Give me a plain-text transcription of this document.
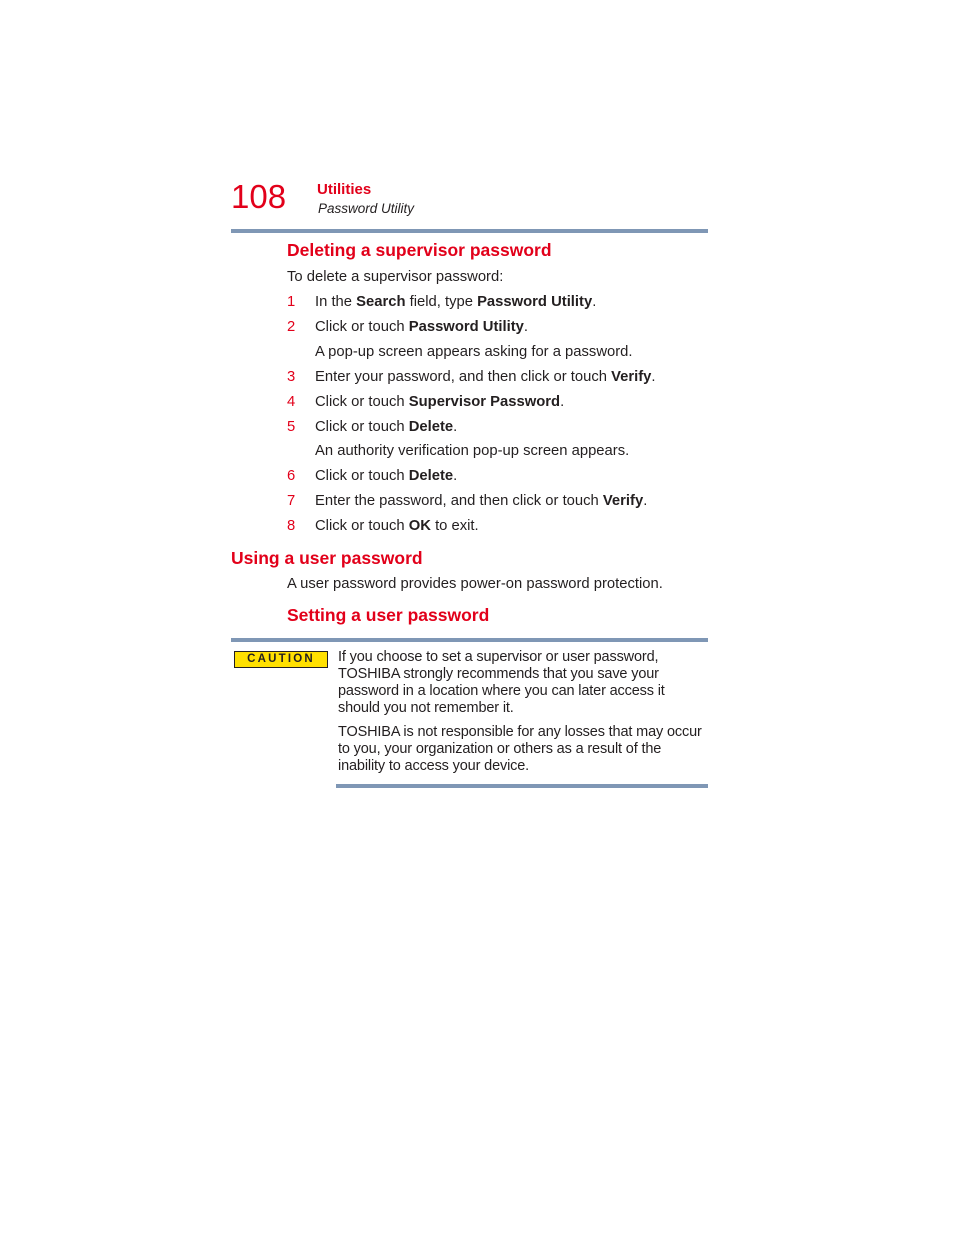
108 Utilities
Password Utility
Deleting a supervisor password
To delete a supervisor password:
1 In the Search field, type Password Utility.
2 Click or touch Password Utility.
A pop-up screen appears asking for a password.
3 Enter your password, and then click or touch Verify.
4 Click or touch Supervisor Password.
5 Click or touch Delete.
An authority verification pop-up screen appears.
6 Click or touch Delete.
7 Enter the password, and then click or touch Verify.
8 Click or touch OK to exit.
Using a user password
A user password provides power-on password protection.
Setting a user password
CAUTION	If you choose to set a supervisor or user password, TOSHIBA strongly recommends that you save your password in a location where you can later access it should you not remember it.

TOSHIBA is not responsible for any losses that may occur to you, your organization or others as a result of the inability to access your device.
